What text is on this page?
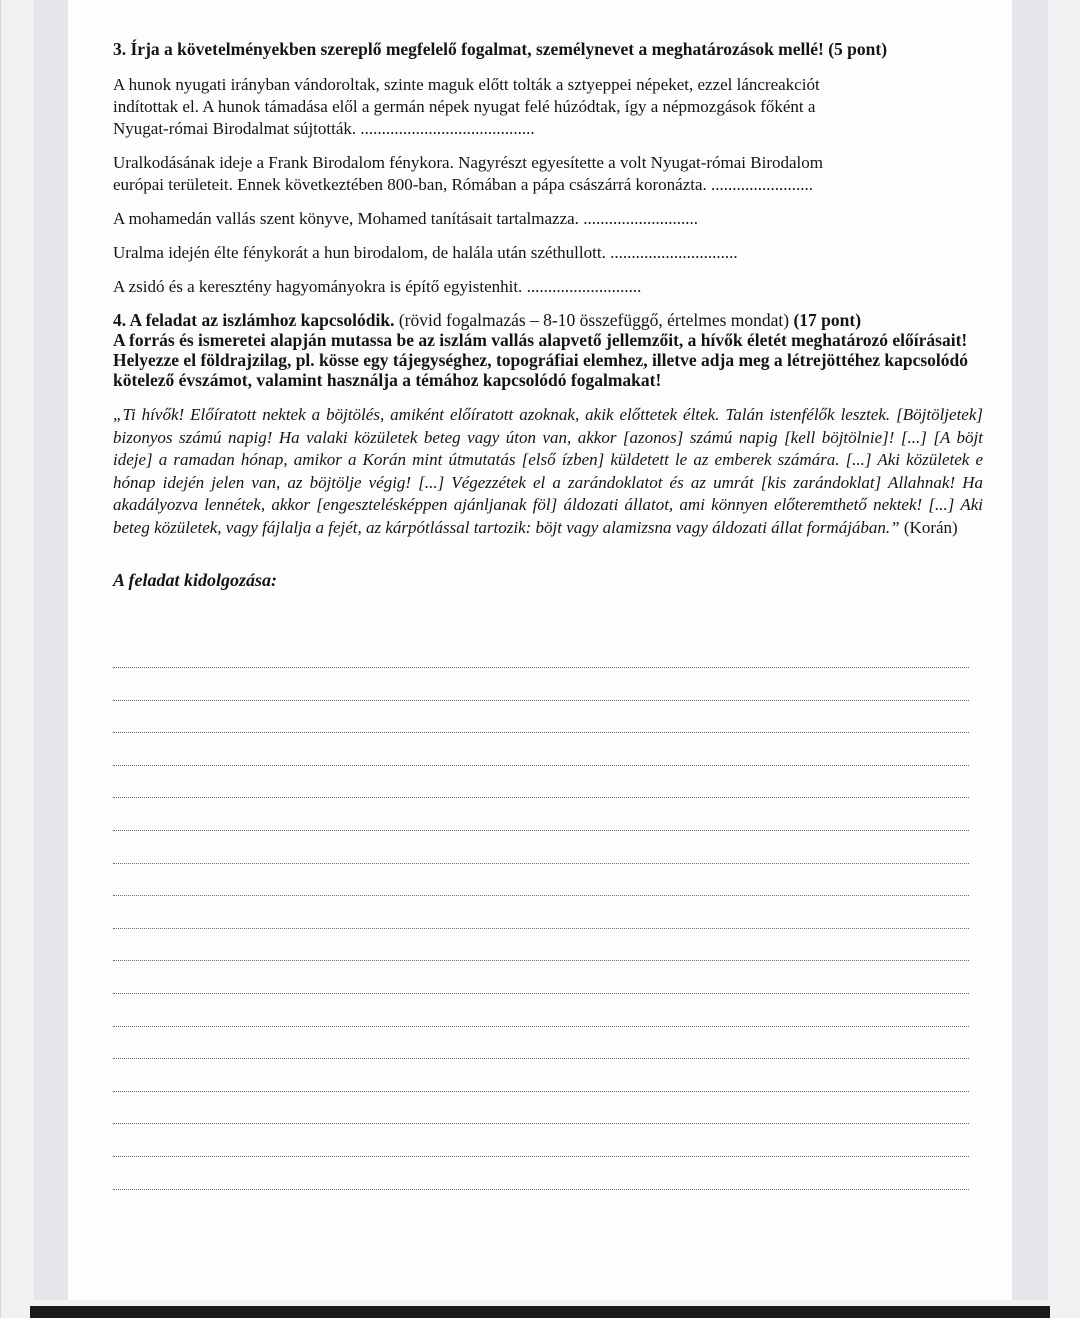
3. Írja a követelményekben szereplő megfelelő fogalmat, személynevet a meghatározások mellé! (5 pont)

A hunok nyugati irányban vándoroltak, szinte maguk előtt tolták a sztyeppei népeket, ezzel láncreakciót

indítottak el. A hunok támadása elől a germán népek nyugat felé húzódtak, így a népmozgások főként a

Nyugat-római Birodalmat sújtották. .........................................

Uralkodásának ideje a Frank Birodalom fénykora. Nagyrészt egyesítette a volt Nyugat-római Birodalom

európai területeit. Ennek következtében 800-ban, Rómában a pápa császárrá koronázta. ........................

A mohamedán vallás szent könyve, Mohamed tanításait tartalmazza. ...........................

Uralma idején élte fénykorát a hun birodalom, de halála után széthullott. ..............................

A zsidó és a keresztény hagyományokra is építő egyistenhit. ...........................

4. A feladat az iszlámhoz kapcsolódik. (rövid fogalmazás – 8-10 összefüggő, értelmes mondat) (17 pont)

A forrás és ismeretei alapján mutassa be az iszlám vallás alapvető jellemzőit, a hívők életét meghatározó előírásait! Helyezze el földrajzilag, pl. kösse egy tájegységhez, topográfiai elemhez, illetve adja meg a létrejöttéhez kapcsolódó kötelező évszámot, valamint használja a témához kapcsolódó fogalmakat!

„Ti hívők! Előíratott nektek a böjtölés, amiként előíratott azoknak, akik előttetek éltek. Talán istenfélők lesztek. [Böjtöljetek] bizonyos számú napig! Ha valaki közületek beteg vagy úton van, akkor [azonos] számú napig [kell böjtölnie]! [...] [A böjt ideje] a ramadan hónap, amikor a Korán mint útmutatás [első ízben] küldetett le az emberek számára. [...] Aki közületek e hónap idején jelen van, az böjtölje végig! [...] Végezzétek el a zarándoklatot és az umrát [kis zarándoklat] Allahnak! Ha akadályozva lennétek, akkor [engesztelésképpen ajánljanak föl] áldozati állatot, ami könnyen előteremthető nektek! [...] Aki beteg közületek, vagy fájlalja a fejét, az kárpótlással tartozik: böjt vagy alamizsna vagy áldozati állat formájában.” (Korán)

A feladat kidolgozása:
